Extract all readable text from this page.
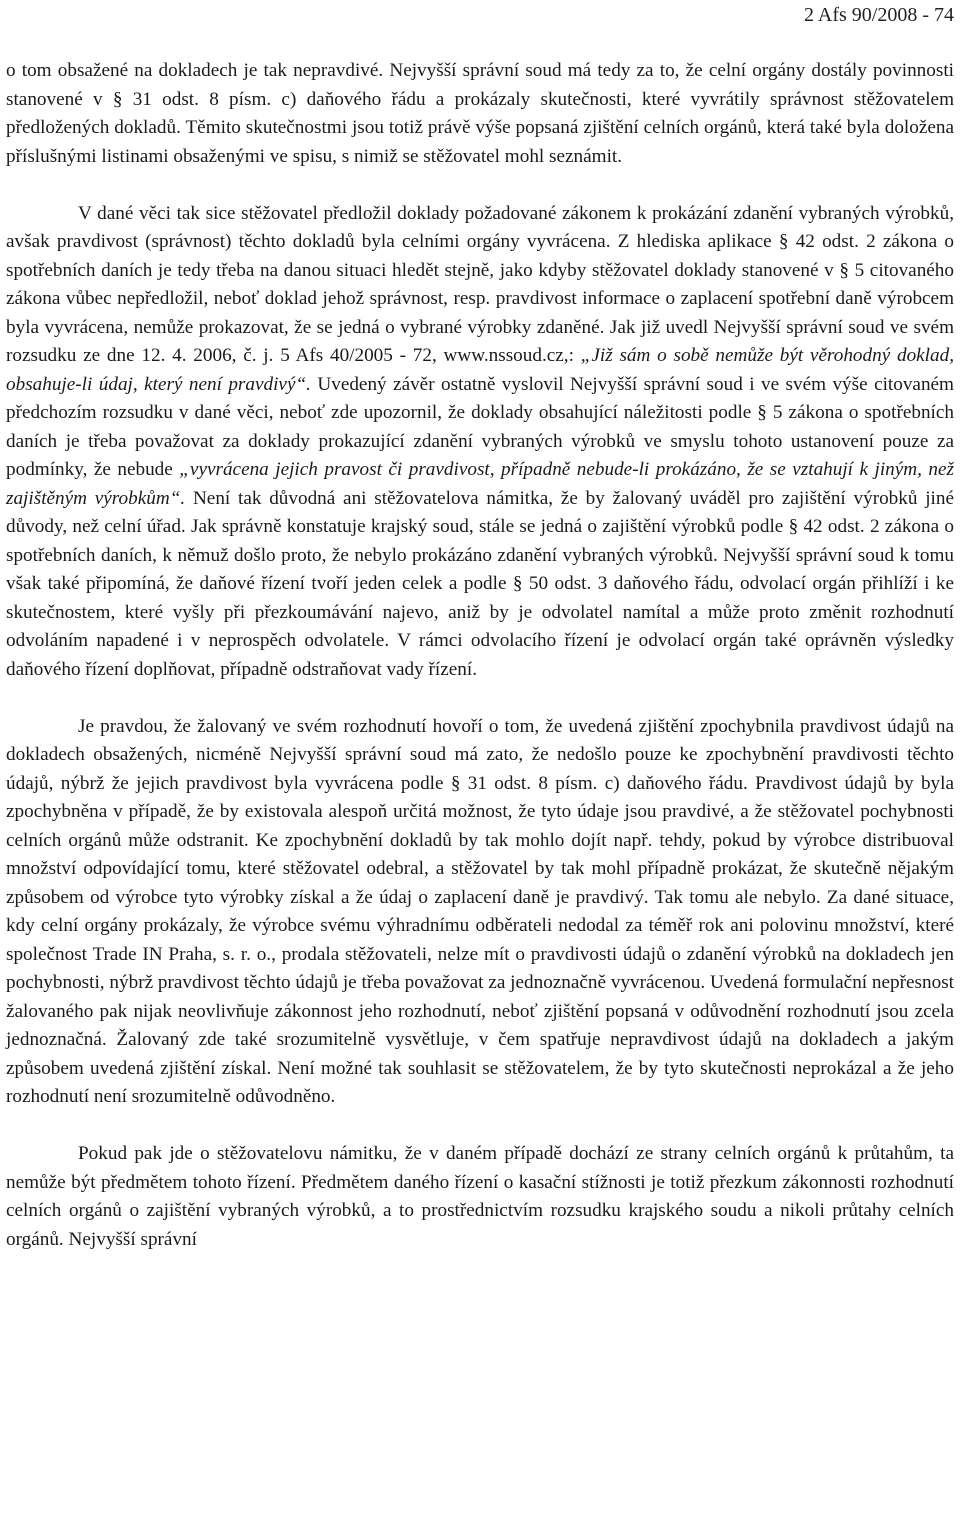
2 Afs 90/2008 - 74

o tom obsažené na dokladech je tak nepravdivé. Nejvyšší správní soud má tedy za to, že celní orgány dostály povinnosti stanovené v § 31 odst. 8 písm. c) daňového řádu a prokázaly skutečnosti, které vyvrátily správnost stěžovatelem předložených dokladů. Těmito skutečnostmi jsou totiž právě výše popsaná zjištění celních orgánů, která také byla doložena příslušnými listinami obsaženými ve spisu, s nimiž se stěžovatel mohl seznámit.

V dané věci tak sice stěžovatel předložil doklady požadované zákonem k prokázání zdanění vybraných výrobků, avšak pravdivost (správnost) těchto dokladů byla celními orgány vyvrácena. Z hlediska aplikace § 42 odst. 2 zákona o spotřebních daních je tedy třeba na danou situaci hledět stejně, jako kdyby stěžovatel doklady stanovené v § 5 citovaného zákona vůbec nepředložil, neboť doklad jehož správnost, resp. pravdivost informace o zaplacení spotřební daně výrobcem byla vyvrácena, nemůže prokazovat, že se jedná o vybrané výrobky zdaněné. Jak již uvedl Nejvyšší správní soud ve svém rozsudku ze dne 12. 4. 2006, č. j. 5 Afs 40/2005 - 72, www.nssoud.cz,: „Již sám o sobě nemůže být věrohodný doklad, obsahuje-li údaj, který není pravdivý“. Uvedený závěr ostatně vyslovil Nejvyšší správní soud i ve svém výše citovaném předchozím rozsudku v dané věci, neboť zde upozornil, že doklady obsahující náležitosti podle § 5 zákona o spotřebních daních je třeba považovat za doklady prokazující zdanění vybraných výrobků ve smyslu tohoto ustanovení pouze za podmínky, že nebude „vyvrácena jejich pravost či pravdivost, případně nebude-li prokázáno, že se vztahují k jiným, než zajištěným výrobkům“. Není tak důvodná ani stěžovatelova námitka, že by žalovaný uváděl pro zajištění výrobků jiné důvody, než celní úřad. Jak správně konstatuje krajský soud, stále se jedná o zajištění výrobků podle § 42 odst. 2 zákona o spotřebních daních, k němuž došlo proto, že nebylo prokázáno zdanění vybraných výrobků. Nejvyšší správní soud k tomu však také připomíná, že daňové řízení tvoří jeden celek a podle § 50 odst. 3 daňového řádu, odvolací orgán přihlíží i ke skutečnostem, které vyšly při přezkoumávání najevo, aniž by je odvolatel namítal a může proto změnit rozhodnutí odvoláním napadené i v neprospěch odvolatele. V rámci odvolacího řízení je odvolací orgán také oprávněn výsledky daňového řízení doplňovat, případně odstraňovat vady řízení.

Je pravdou, že žalovaný ve svém rozhodnutí hovoří o tom, že uvedená zjištění zpochybnila pravdivost údajů na dokladech obsažených, nicméně Nejvyšší správní soud má zato, že nedošlo pouze ke zpochybnění pravdivosti těchto údajů, nýbrž že jejich pravdivost byla vyvrácena podle § 31 odst. 8 písm. c) daňového řádu. Pravdivost údajů by byla zpochybněna v případě, že by existovala alespoň určitá možnost, že tyto údaje jsou pravdivé, a že stěžovatel pochybnosti celních orgánů může odstranit. Ke zpochybnění dokladů by tak mohlo dojít např. tehdy, pokud by výrobce distribuoval množství odpovídající tomu, které stěžovatel odebral, a stěžovatel by tak mohl případně prokázat, že skutečně nějakým způsobem od výrobce tyto výrobky získal a že údaj o zaplacení daně je pravdivý. Tak tomu ale nebylo. Za dané situace, kdy celní orgány prokázaly, že výrobce svému výhradnímu odběrateli nedodal za téměř rok ani polovinu množství, které společnost Trade IN Praha, s. r. o., prodala stěžovateli, nelze mít o pravdivosti údajů o zdanění výrobků na dokladech jen pochybnosti, nýbrž pravdivost těchto údajů je třeba považovat za jednoznačně vyvrácenou. Uvedená formulační nepřesnost žalovaného pak nijak neovlivňuje zákonnost jeho rozhodnutí, neboť zjištění popsaná v odůvodnění rozhodnutí jsou zcela jednoznačná. Žalovaný zde také srozumitelně vysvětluje, v čem spatřuje nepravdivost údajů na dokladech a jakým způsobem uvedená zjištění získal. Není možné tak souhlasit se stěžovatelem, že by tyto skutečnosti neprokázal a že jeho rozhodnutí není srozumitelně odůvodněno.

Pokud pak jde o stěžovatelovu námitku, že v daném případě dochází ze strany celních orgánů k průtahům, ta nemůže být předmětem tohoto řízení. Předmětem daného řízení o kasační stížnosti je totiž přezkum zákonnosti rozhodnutí celních orgánů o zajištění vybraných výrobků, a to prostřednictvím rozsudku krajského soudu a nikoli průtahy celních orgánů. Nejvyšší správní
